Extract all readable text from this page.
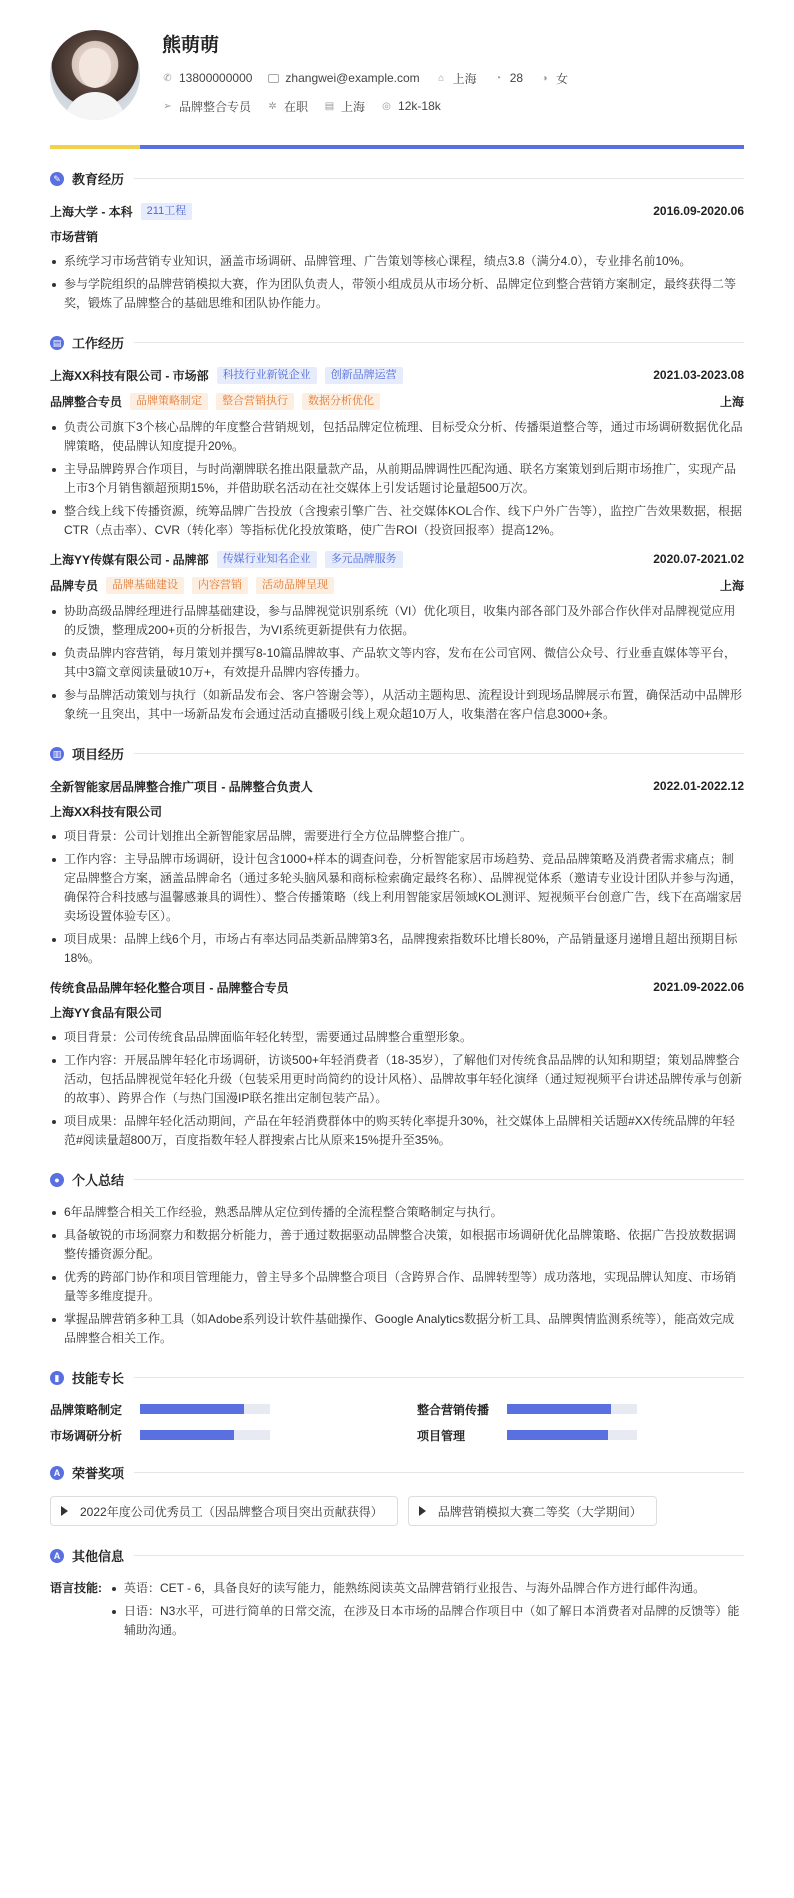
熊萌萌
✆ 13800000000	zhangwei@example.com ⌂ 上海 ◔ 28 ◑ 女
➢ 品牌整合专员 ✲ 在职 ▤ 上海 ◎ 12k-18k
✎ 教育经历
上海大学 - 本科	211工程	2016.09-2020.06
市场营销
系统学习市场营销专业知识，涵盖市场调研、品牌管理、广告策划等核心课程，绩点3.8（满分4.0），专业排名前10%。
参与学院组织的品牌营销模拟大赛，作为团队负责人，带领小组成员从市场分析、品牌定位到整合营销方案制定，最终获得二等奖，锻炼了品牌整合的基础思维和团队协作能力。
▤ 工作经历
上海XX科技有限公司 - 市场部	科技行业新锐企业	创新品牌运营	2021.03-2023.08
品牌整合专员	品牌策略制定	整合营销执行	数据分析优化	上海
负责公司旗下3个核心品牌的年度整合营销规划，包括品牌定位梳理、目标受众分析、传播渠道整合等，通过市场调研数据优化品牌策略，使品牌认知度提升20%。
主导品牌跨界合作项目，与时尚潮牌联名推出限量款产品，从前期品牌调性匹配沟通、联名方案策划到后期市场推广，实现产品上市3个月销售额超预期15%，并借助联名活动在社交媒体上引发话题讨论量超500万次。
整合线上线下传播资源，统筹品牌广告投放（含搜索引擎广告、社交媒体KOL合作、线下户外广告等），监控广告效果数据，根据CTR（点击率）、CVR（转化率）等指标优化投放策略，使广告ROI（投资回报率）提高12%。
上海YY传媒有限公司 - 品牌部	传媒行业知名企业	多元品牌服务	2020.07-2021.02
品牌专员	品牌基础建设	内容营销	活动品牌呈现	上海
协助高级品牌经理进行品牌基础建设，参与品牌视觉识别系统（VI）优化项目，收集内部各部门及外部合作伙伴对品牌视觉应用的反馈，整理成200+页的分析报告，为VI系统更新提供有力依据。
负责品牌内容营销，每月策划并撰写8-10篇品牌故事、产品软文等内容，发布在公司官网、微信公众号、行业垂直媒体等平台，其中3篇文章阅读量破10万+，有效提升品牌内容传播力。
参与品牌活动策划与执行（如新品发布会、客户答谢会等），从活动主题构思、流程设计到现场品牌展示布置，确保活动中品牌形象统一且突出，其中一场新品发布会通过活动直播吸引线上观众超10万人，收集潜在客户信息3000+条。
▥ 项目经历
全新智能家居品牌整合推广项目 - 品牌整合负责人	2022.01-2022.12
上海XX科技有限公司
项目背景：公司计划推出全新智能家居品牌，需要进行全方位品牌整合推广。
工作内容：主导品牌市场调研，设计包含1000+样本的调查问卷，分析智能家居市场趋势、竞品品牌策略及消费者需求痛点；制定品牌整合方案，涵盖品牌命名（通过多轮头脑风暴和商标检索确定最终名称）、品牌视觉体系（邀请专业设计团队并参与沟通，确保符合科技感与温馨感兼具的调性）、整合传播策略（线上利用智能家居领域KOL测评、短视频平台创意广告，线下在高端家居卖场设置体验专区）。
项目成果：品牌上线6个月，市场占有率达同品类新品牌第3名，品牌搜索指数环比增长80%，产品销量逐月递增且超出预期目标18%。
传统食品品牌年轻化整合项目 - 品牌整合专员	2021.09-2022.06
上海YY食品有限公司
项目背景：公司传统食品品牌面临年轻化转型，需要通过品牌整合重塑形象。
工作内容：开展品牌年轻化市场调研，访谈500+年轻消费者（18-35岁），了解他们对传统食品品牌的认知和期望；策划品牌整合活动，包括品牌视觉年轻化升级（包装采用更时尚简约的设计风格）、品牌故事年轻化演绎（通过短视频平台讲述品牌传承与创新的故事）、跨界合作（与热门国漫IP联名推出定制包装产品）。
项目成果：品牌年轻化活动期间，产品在年轻消费群体中的购买转化率提升30%，社交媒体上品牌相关话题#XX传统品牌的年轻范#阅读量超800万，百度指数年轻人群搜索占比从原来15%提升至35%。
● 个人总结
6年品牌整合相关工作经验，熟悉品牌从定位到传播的全流程整合策略制定与执行。
具备敏锐的市场洞察力和数据分析能力，善于通过数据驱动品牌整合决策，如根据市场调研优化品牌策略、依据广告投放数据调整传播资源分配。
优秀的跨部门协作和项目管理能力，曾主导多个品牌整合项目（含跨界合作、品牌转型等）成功落地，实现品牌认知度、市场销量等多维度提升。
掌握品牌营销多种工具（如Adobe系列设计软件基础操作、Google Analytics数据分析工具、品牌舆情监测系统等），能高效完成品牌整合相关工作。
▮ 技能专长
品牌策略制定	整合营销传播
市场调研分析	项目管理
A 荣誉奖项
2022年度公司优秀员工（因品牌整合项目突出贡献获得）	品牌营销模拟大赛二等奖（大学期间）
A 其他信息
语言技能:	英语：CET - 6，具备良好的读写能力，能熟练阅读英文品牌营销行业报告、与海外品牌合作方进行邮件沟通。
日语：N3水平，可进行简单的日常交流，在涉及日本市场的品牌合作项目中（如了解日本消费者对品牌的反馈等）能辅助沟通。
